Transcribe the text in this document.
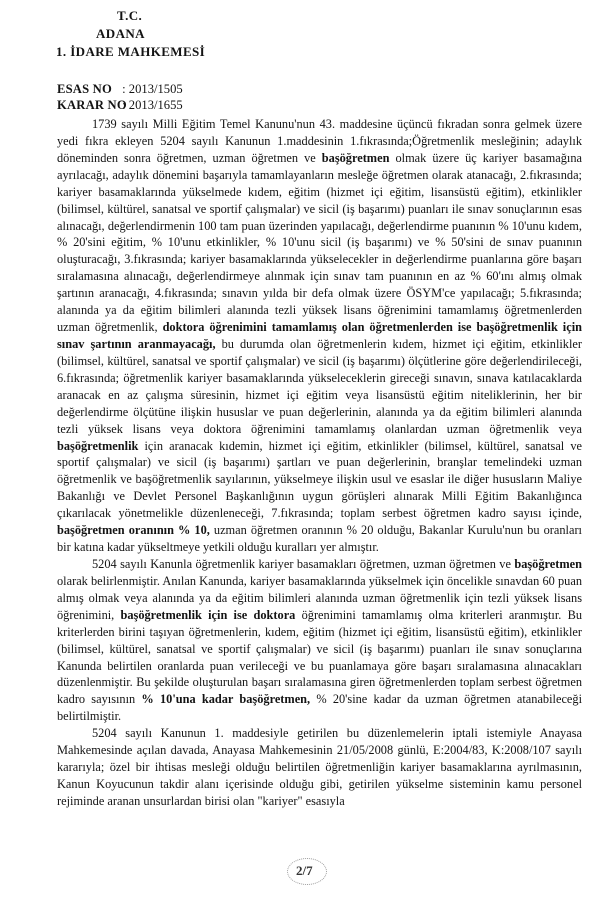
T.C.
ADANA
1. İDARE MAHKEMESİ
ESAS NO : 2013/1505
KARAR NO : 2013/1655

1739 sayılı Milli Eğitim Temel Kanunu'nun 43. maddesine üçüncü fıkradan sonra gelmek üzere yedi fıkra ekleyen 5204 sayılı Kanunun 1.maddesinin 1.fıkrasında;Öğretmenlik mesleğinin; adaylık döneminden sonra öğretmen, uzman öğretmen ve başöğretmen olmak üzere üç kariyer basamağına ayrılacağı, adaylık dönemini başarıyla tamamlayanların mesleğe öğretmen olarak atanacağı, 2.fıkrasında; kariyer basamaklarında yükselmede kıdem, eğitim (hizmet içi eğitim, lisansüstü eğitim), etkinlikler (bilimsel, kültürel, sanatsal ve sportif çalışmalar) ve sicil (iş başarımı) puanları ile sınav sonuçlarının esas alınacağı, değerlendirmenin 100 tam puan üzerinden yapılacağı, değerlendirme puanının % 10'unu kıdem, % 20'sini eğitim, % 10'unu etkinlikler, % 10'unu sicil (iş başarımı) ve % 50'sini de sınav puanının oluşturacağı, 3.fıkrasında; kariyer basamaklarında yükselecekler in değerlendirme puanlarına göre başarı sıralamasına alınacağı, değerlendirmeye alınmak için sınav tam puanının en az % 60'ını almış olmak şartının aranacağı, 4.fıkrasında; sınavın yılda bir defa olmak üzere ÖSYM'ce yapılacağı; 5.fıkrasında; alanında ya da eğitim bilimleri alanında tezli yüksek lisans öğrenimini tamamlamış öğretmenlerden uzman öğretmenlik, doktora öğrenimini tamamlamış olan öğretmenlerden ise başöğretmenlik için sınav şartının aranmayacağı, bu durumda olan öğretmenlerin kıdem, hizmet içi eğitim, etkinlikler (bilimsel, kültürel, sanatsal ve sportif çalışmalar) ve sicil (iş başarımı) ölçütlerine göre değerlendirileceği, 6.fıkrasında; öğretmenlik kariyer basamaklarında yükseleceklerin gireceği sınavın, sınava katılacaklarda aranacak en az çalışma süresinin, hizmet içi eğitim veya lisansüstü eğitim niteliklerinin, her bir değerlendirme ölçütüne ilişkin hususlar ve puan değerlerinin, alanında ya da eğitim bilimleri alanında tezli yüksek lisans veya doktora öğrenimini tamamlamış olanlardan uzman öğretmenlik veya başöğretmenlik için aranacak kıdemin, hizmet içi eğitim, etkinlikler (bilimsel, kültürel, sanatsal ve sportif çalışmalar) ve sicil (iş başarımı) şartları ve puan değerlerinin, branşlar temelindeki uzman öğretmenlik ve başöğretmenlik sayılarının, yükselmeye ilişkin usul ve esaslar ile diğer hususların Maliye Bakanlığı ve Devlet Personel Başkanlığının uygun görüşleri alınarak Milli Eğitim Bakanlığınca çıkarılacak yönetmelikle düzenleneceği, 7.fıkrasında; toplam serbest öğretmen kadro sayısı içinde, başöğretmen oranının % 10, uzman öğretmen oranının % 20 olduğu, Bakanlar Kurulu'nun bu oranları bir katına kadar yükseltmeye yetkili olduğu kuralları yer almıştır.

5204 sayılı Kanunla öğretmenlik kariyer basamakları öğretmen, uzman öğretmen ve başöğretmen olarak belirlenmiştir. Anılan Kanunda, kariyer basamaklarında yükselmek için öncelikle sınavdan 60 puan almış olmak veya alanında ya da eğitim bilimleri alanında uzman öğretmenlik için tezli yüksek lisans öğrenimini, başöğretmenlik için ise doktora öğrenimini tamamlamış olma kriterleri aranmıştır. Bu kriterlerden birini taşıyan öğretmenlerin, kıdem, eğitim (hizmet içi eğitim, lisansüstü eğitim), etkinlikler (bilimsel, kültürel, sanatsal ve sportif çalışmalar) ve sicil (iş başarımı) puanları ile sınav sonuçlarına Kanunda belirtilen oranlarda puan verileceği ve bu puanlamaya göre başarı sıralamasına alınacakları düzenlenmiştir. Bu şekilde oluşturulan başarı sıralamasına giren öğretmenlerden toplam serbest öğretmen kadro sayısının % 10'una kadar başöğretmen, % 20'sine kadar da uzman öğretmen atanabileceği belirtilmiştir.

5204 sayılı Kanunun 1. maddesiyle getirilen bu düzenlemelerin iptali istemiyle Anayasa Mahkemesinde açılan davada, Anayasa Mahkemesinin 21/05/2008 günlü, E:2004/83, K:2008/107 sayılı kararıyla; özel bir ihtisas mesleği olduğu belirtilen öğretmenliğin kariyer basamaklarına ayrılmasının, Kanun Koyucunun takdir alanı içerisinde olduğu gibi, getirilen yükselme sisteminin kamu personel rejiminde aranan unsurlardan birisi olan "kariyer" esasıyla

2/7
